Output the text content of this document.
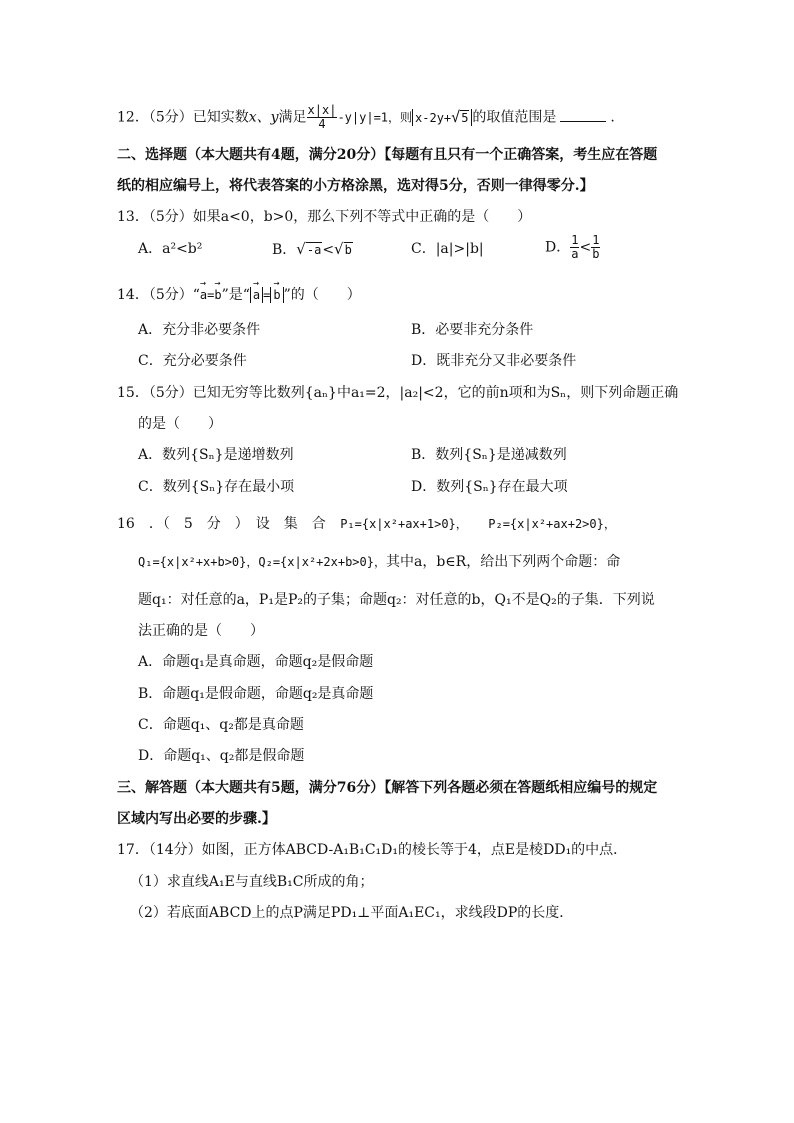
12．（5分）已知实数x、y满足 $\frac{x|x|}{4} -y|y|=1$，则 x-2y+√5 的取值范围是	.
二、选择题（本大题共有4题，满分20分）【每题有且只有一个正确答案，考生应在答题
纸的相应编号上，将代表答案的小方格涂黑，选对得5分，否则一律得零分.】
13．（5分）如果a<0，b>0，那么下列不等式中正确的是（　　）
A．a²<b²	B．√-a<√b	C．|a|>|b|	D． $\frac{1}{a} < \frac{1}{b}$
14．（5分）“→ a=→ b”是“ → a = → b ”的（　　）
A．充分非必要条件	B．必要非充分条件
C．充分必要条件	D．既非充分又非必要条件
15．（5分）已知无穷等比数列{aₙ}中a₁=2，|a₂|<2，它的前n项和为Sₙ，则下列命题正确
的是（　　）
A．数列{Sₙ}是递增数列	B．数列{Sₙ}是递减数列
C．数列{Sₙ}存在最小项	D．数列{Sₙ}存在最大项
16　．（　5　分　）　设　集　合 P₁={x|x²+ax+1>0}， P₂={x|x²+ax+2>0}，
Q₁={x|x²+x+b>0}，Q₂={x|x²+2x+b>0}，其中a，b∈R，给出下列两个命题：命
题q₁：对任意的a，P₁是P₂的子集；命题q₂：对任意的b，Q₁不是Q₂的子集．下列说
法正确的是（　　）
A．命题q₁是真命题，命题q₂是假命题
B．命题q₁是假命题，命题q₂是真命题
C．命题q₁、q₂都是真命题
D．命题q₁、q₂都是假命题
三、解答题（本大题共有5题，满分76分）【解答下列各题必须在答题纸相应编号的规定
区域内写出必要的步骤.】
17．（14分）如图，正方体ABCD-A₁B₁C₁D₁的棱长等于4，点E是棱DD₁的中点．
（1）求直线A₁E与直线B₁C所成的角；
（2）若底面ABCD上的点P满足PD₁⊥平面A₁EC₁，求线段DP的长度．
